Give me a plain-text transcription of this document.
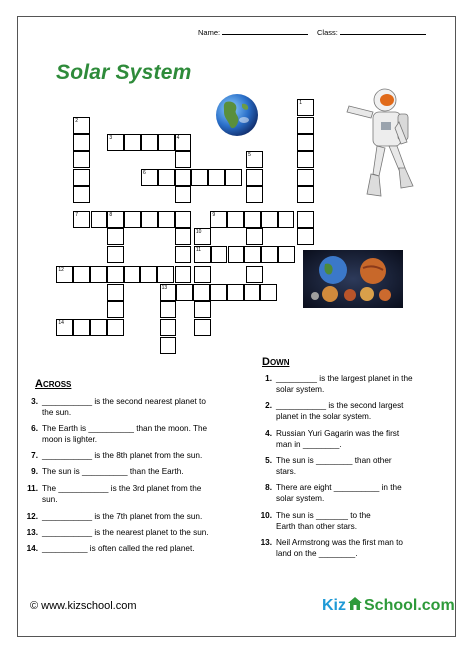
Name:	Class:
Solar System
1
2
3	4
5
6
7	8	9
10
11
12
13
14
Across
3. ___________ is the second nearest planet to
the sun.
6. The Earth is __________ than the moon. The
moon is lighter.
7. ___________ is the 8th planet from the sun.
9. The sun is __________ than the Earth.
11. The ___________ is the 3rd planet from the
sun.
12. ___________ is the 7th planet from the sun.
13. ___________ is the nearest planet to the sun.
14. __________ is often called the red planet.
Down
1. _________ is the largest planet in the
solar system.
2. ___________ is the second largest
planet in the solar system.
4. Russian Yuri Gagarin was the first
man in ________.
5. The sun is ________ than other
stars.
8. There are eight __________ in the
solar system.
10. The sun is _______ to the
Earth than other stars.
13. Neil Armstrong was the first man to
land on the ________.
© www.kizschool.com	Kiz School.com
